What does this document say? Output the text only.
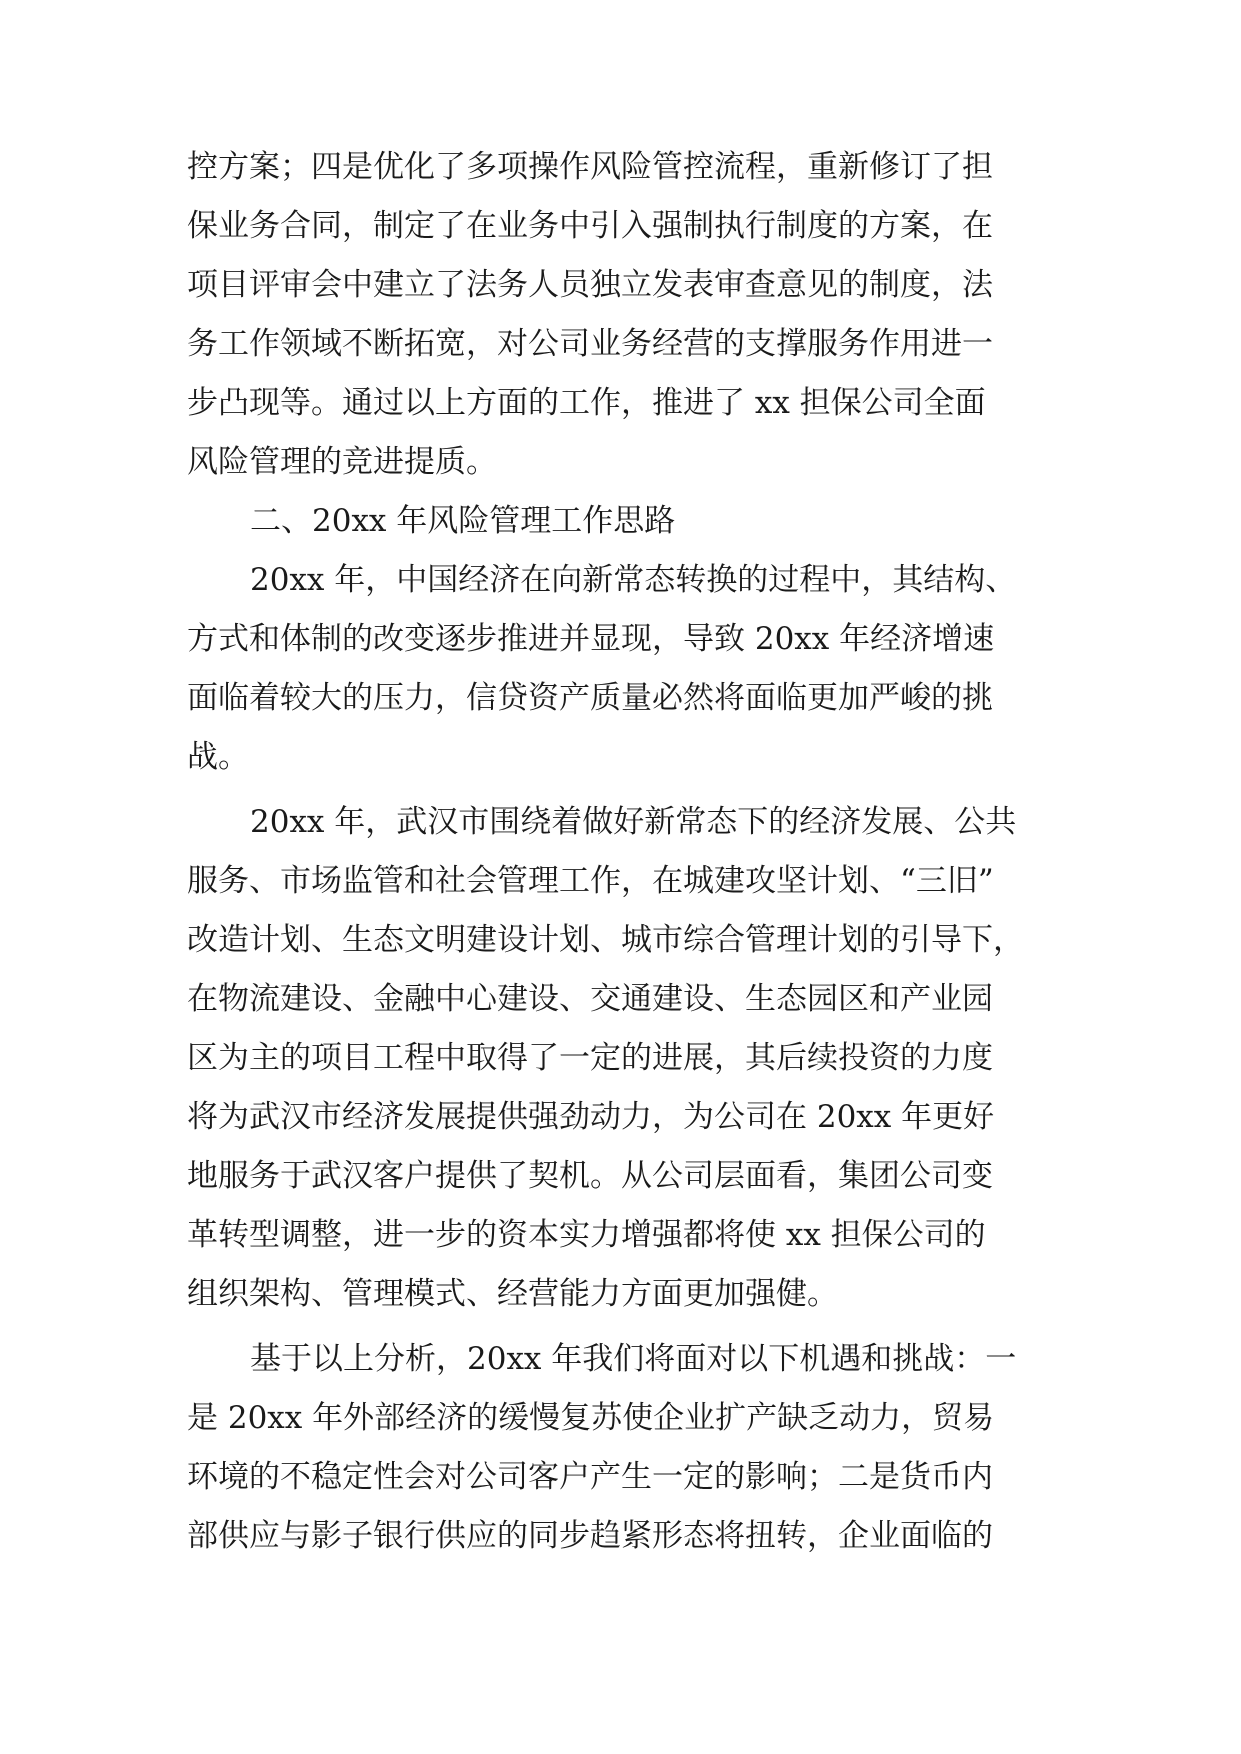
控方案；四是优化了多项操作风险管控流程，重新修订了担
保业务合同，制定了在业务中引入强制执行制度的方案，在
项目评审会中建立了法务人员独立发表审查意见的制度，法
务工作领域不断拓宽，对公司业务经营的支撑服务作用进一
步凸现等。通过以上方面的工作，推进了 xx 担保公司全面
风险管理的竞进提质。
二、20xx 年风险管理工作思路
20xx 年，中国经济在向新常态转换的过程中，其结构、
方式和体制的改变逐步推进并显现，导致 20xx 年经济增速
面临着较大的压力，信贷资产质量必然将面临更加严峻的挑
战。
20xx 年，武汉市围绕着做好新常态下的经济发展、公共
服务、市场监管和社会管理工作，在城建攻坚计划、“三旧”
改造计划、生态文明建设计划、城市综合管理计划的引导下，
在物流建设、金融中心建设、交通建设、生态园区和产业园
区为主的项目工程中取得了一定的进展，其后续投资的力度
将为武汉市经济发展提供强劲动力，为公司在 20xx 年更好
地服务于武汉客户提供了契机。从公司层面看，集团公司变
革转型调整，进一步的资本实力增强都将使 xx 担保公司的
组织架构、管理模式、经营能力方面更加强健。
基于以上分析，20xx 年我们将面对以下机遇和挑战：一
是 20xx 年外部经济的缓慢复苏使企业扩产缺乏动力，贸易
环境的不稳定性会对公司客户产生一定的影响；二是货币内
部供应与影子银行供应的同步趋紧形态将扭转，企业面临的
